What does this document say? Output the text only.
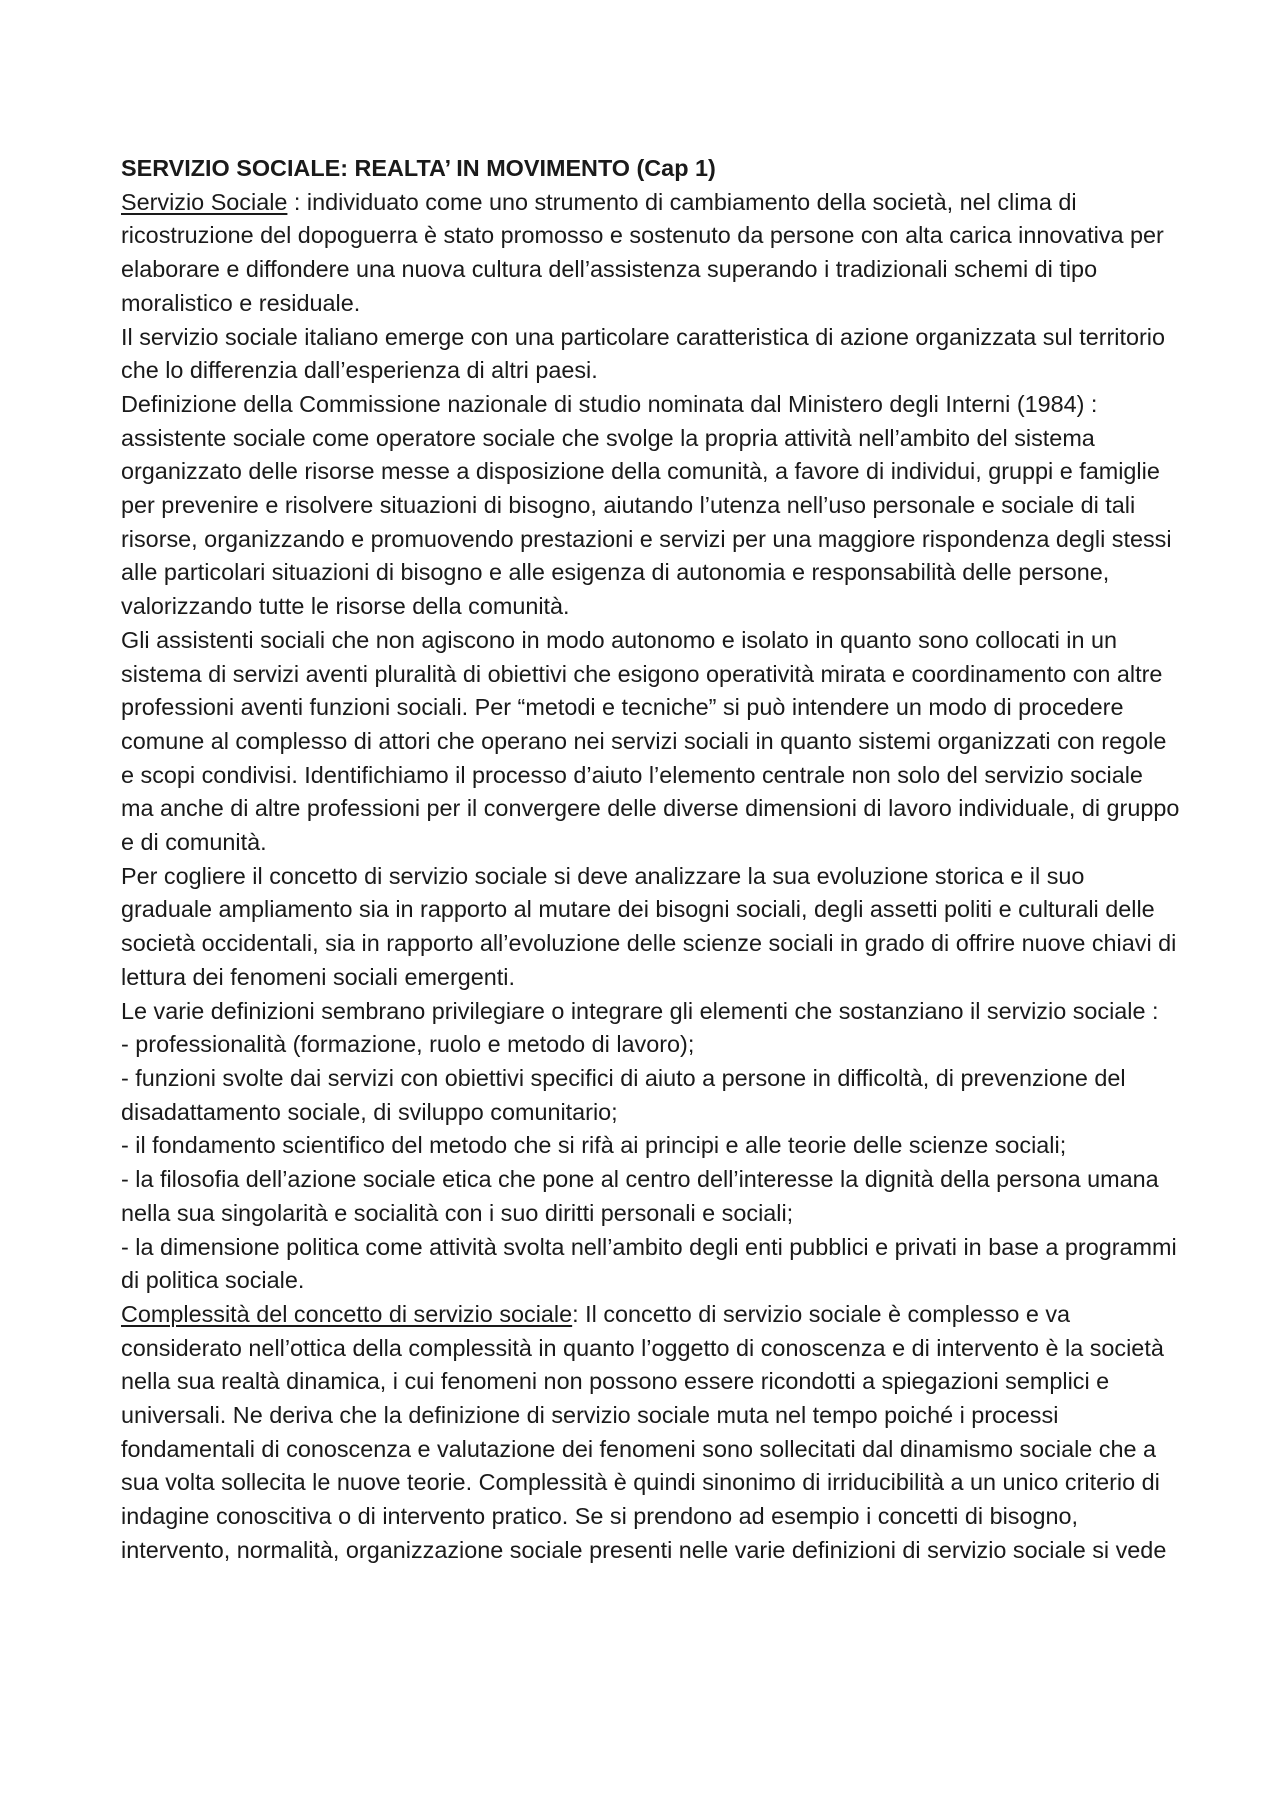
SERVIZIO SOCIALE: REALTA’ IN MOVIMENTO (Cap 1)

Servizio Sociale : individuato come uno strumento di cambiamento della società, nel clima di ricostruzione del dopoguerra è stato promosso e sostenuto da persone con alta carica innovativa per elaborare e diffondere una nuova cultura dell’assistenza superando i tradizionali schemi di tipo moralistico e residuale.

Il servizio sociale italiano emerge con una particolare caratteristica di azione organizzata sul territorio che lo differenzia dall’esperienza di altri paesi.

Definizione della Commissione nazionale di studio nominata dal Ministero degli Interni (1984) : assistente sociale come operatore sociale che svolge la propria attività nell’ambito del sistema organizzato delle risorse messe a disposizione della comunità, a favore di individui, gruppi e famiglie per prevenire e risolvere situazioni di bisogno, aiutando l’utenza nell’uso personale e sociale di tali risorse, organizzando e promuovendo prestazioni e servizi per una maggiore rispondenza degli stessi alle particolari situazioni di bisogno e alle esigenza di autonomia e responsabilità delle persone, valorizzando tutte le risorse della comunità.

Gli assistenti sociali che non agiscono in modo autonomo e isolato in quanto sono collocati in un sistema di servizi aventi pluralità di obiettivi che esigono operatività mirata e coordinamento con altre professioni aventi funzioni sociali. Per “metodi e tecniche” si può intendere un modo di procedere comune al complesso di attori che operano nei servizi sociali in quanto sistemi organizzati con regole e scopi condivisi. Identifichiamo il processo d’aiuto l’elemento centrale non solo del servizio sociale ma anche di altre professioni per il convergere delle diverse dimensioni di lavoro individuale, di gruppo e di comunità.

Per cogliere il concetto di servizio sociale si deve analizzare la sua evoluzione storica e il suo graduale ampliamento sia in rapporto al mutare dei bisogni sociali, degli assetti politi e culturali delle società occidentali, sia in rapporto all’evoluzione delle scienze sociali in grado di offrire nuove chiavi di lettura dei fenomeni sociali emergenti.

Le varie definizioni sembrano privilegiare o integrare gli elementi che sostanziano il servizio sociale :

- professionalità (formazione, ruolo e metodo di lavoro);

- funzioni svolte dai servizi con obiettivi specifici di aiuto a persone in difficoltà, di prevenzione del disadattamento sociale, di sviluppo comunitario;

- il fondamento scientifico del metodo che si rifà ai principi e alle teorie delle scienze sociali;

- la filosofia dell’azione sociale etica che pone al centro dell’interesse la dignità della persona umana nella sua singolarità e socialità con i suo diritti personali e sociali;

- la dimensione politica come attività svolta nell’ambito degli enti pubblici e privati in base a programmi di politica sociale.

Complessità del concetto di servizio sociale: Il concetto di servizio sociale è complesso e va considerato nell’ottica della complessità in quanto l’oggetto di conoscenza e di intervento è la società nella sua realtà dinamica, i cui fenomeni non possono essere ricondotti a spiegazioni semplici e universali. Ne deriva che la definizione di servizio sociale muta nel tempo poiché i processi fondamentali di conoscenza e valutazione dei fenomeni sono sollecitati dal dinamismo sociale che a sua volta sollecita le nuove teorie. Complessità è quindi sinonimo di irriducibilità a un unico criterio di indagine conoscitiva o di intervento pratico. Se si prendono ad esempio i concetti di bisogno, intervento, normalità, organizzazione sociale presenti nelle varie definizioni di servizio sociale si vede
